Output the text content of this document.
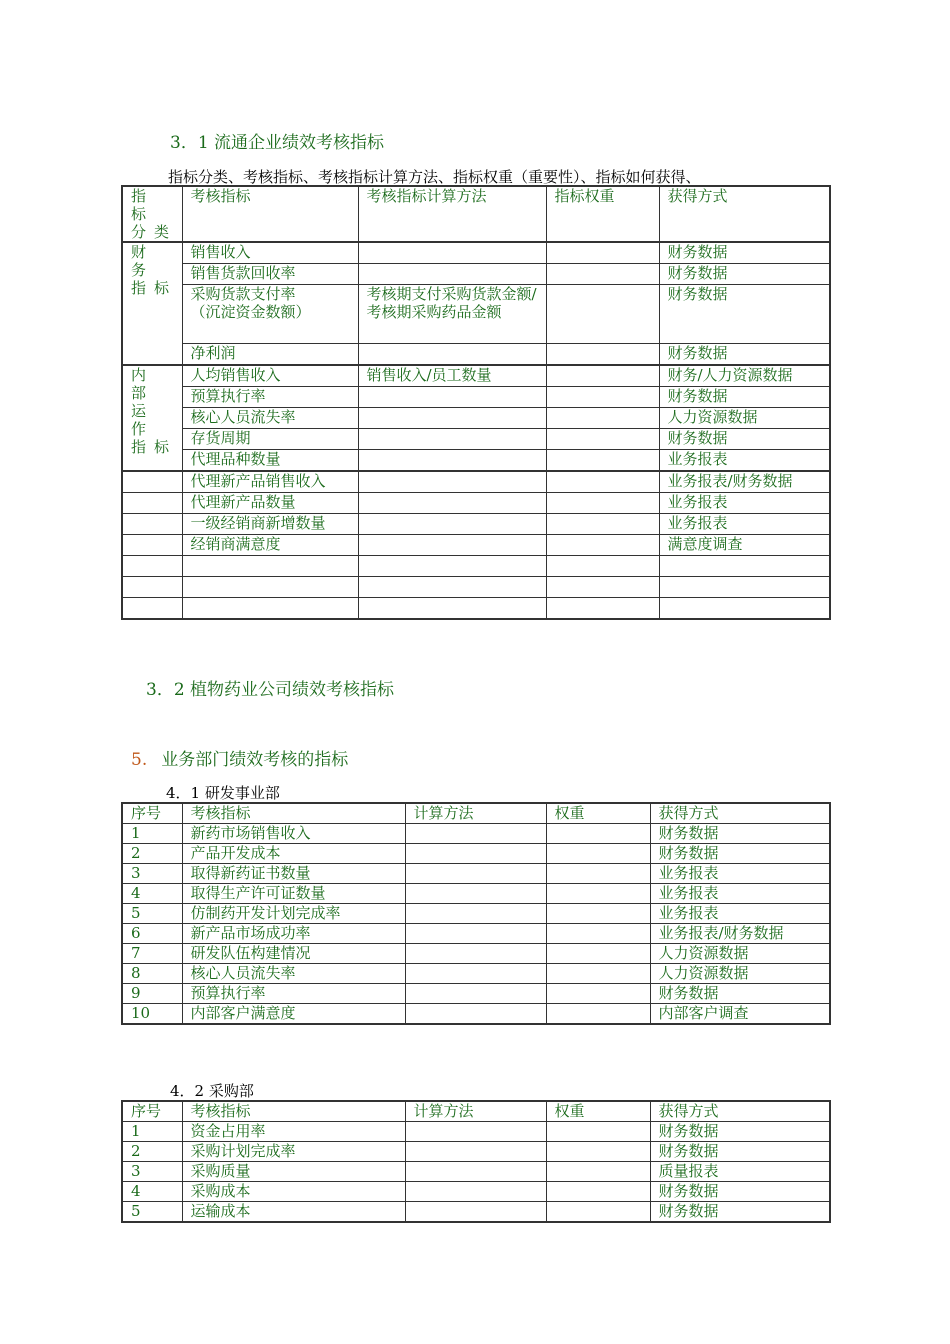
3．1 流通企业绩效考核指标
指标分类、考核指标、考核指标计算方法、指标权重（重要性）、指标如何获得、
指 标 分类	考核指标	考核指标计算方法	指标权重	获得方式
财 务 指标	销售收入			财务数据
	销售货款回收率			财务数据
	采购货款支付率（沉淀资金数额）	考核期支付采购货款金额/考核期采购药品金额		财务数据
	净利润			财务数据
内 部 运 作 指标	人均销售收入	销售收入/员工数量		财务/人力资源数据
	预算执行率			财务数据
	核心人员流失率			人力资源数据
	存货周期			财务数据
	代理品种数量			业务报表
	代理新产品销售收入			业务报表/财务数据
	代理新产品数量			业务报表
	一级经销商新增数量			业务报表
	经销商满意度			满意度调查

3．2 植物药业公司绩效考核指标
5. 业务部门绩效考核的指标
4．1 研发事业部
序号	考核指标	计算方法	权重	获得方式
1	新药市场销售收入			财务数据
2	产品开发成本			财务数据
3	取得新药证书数量			业务报表
4	取得生产许可证数量			业务报表
5	仿制药开发计划完成率			业务报表
6	新产品市场成功率			业务报表/财务数据
7	研发队伍构建情况			人力资源数据
8	核心人员流失率			人力资源数据
9	预算执行率			财务数据
10	内部客户满意度			内部客户调查
4．2 采购部
序号	考核指标	计算方法	权重	获得方式
1	资金占用率			财务数据
2	采购计划完成率			财务数据
3	采购质量			质量报表
4	采购成本			财务数据
5	运输成本			财务数据
